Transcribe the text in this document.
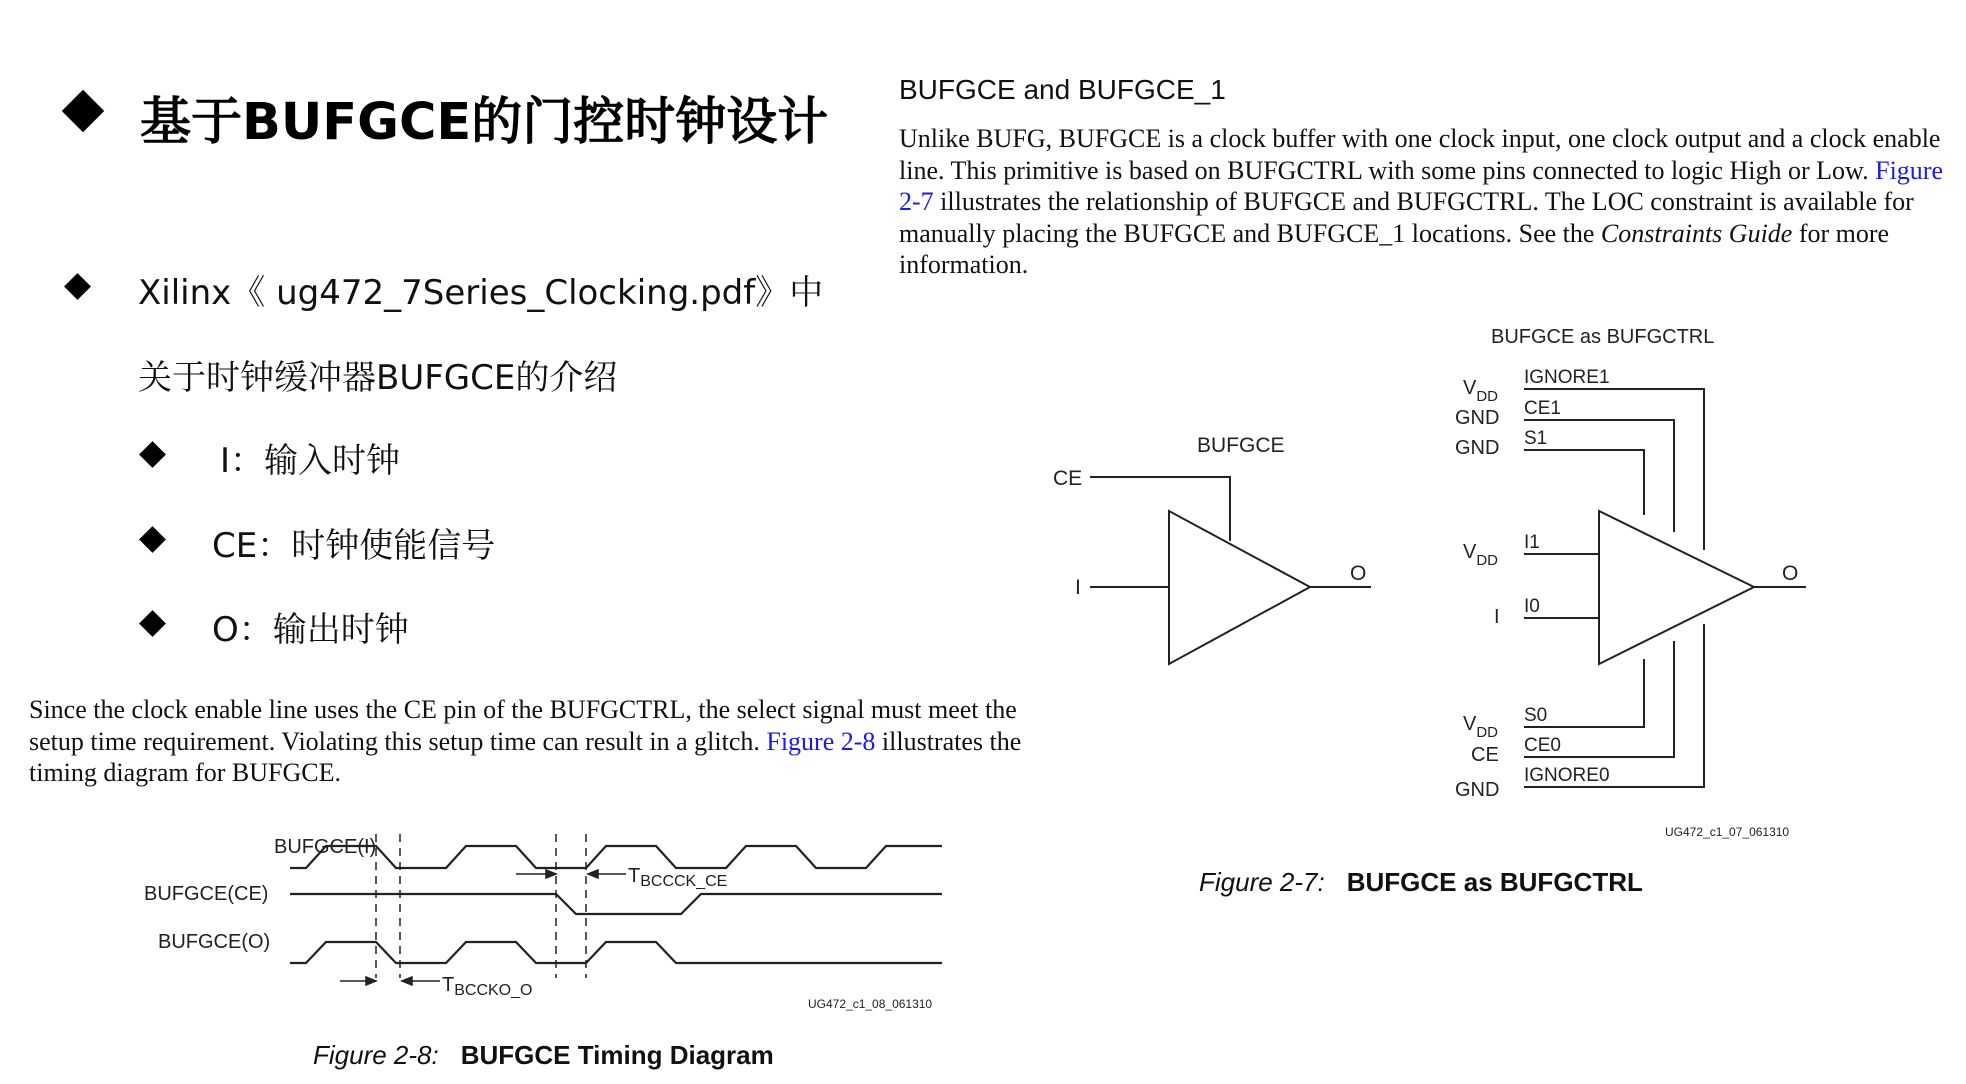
基于BUFGCE的门控时钟设计
Xilinx《 ug472_7Series_Clocking.pdf》中
关于时钟缓冲器BUFGCE的介绍
I：输入时钟
CE：时钟使能信号
O：输出时钟
BUFGCE and BUFGCE_1
Unlike BUFG, BUFGCE is a clock buffer with one clock input, one clock output and a clock enable line. This primitive is based on BUFGCTRL with some pins connected to logic High or Low. Figure 2-7 illustrates the relationship of BUFGCE and BUFGCTRL. The LOC constraint is available for manually placing the BUFGCE and BUFGCE_1 locations. See the Constraints Guide for more information.
Since the clock enable line uses the CE pin of the BUFGCTRL, the select signal must meet the setup time requirement. Violating this setup time can result in a glitch. Figure 2-8 illustrates the timing diagram for BUFGCE.
BUFGCE
CE
I
O
BUFGCE as BUFGCTRL
IGNORE1
CE1
S1
I1
I0
S0
CE0
IGNORE0
$V_{DD}$
GND
GND
$V_{DD}$
I
$V_{DD}$
CE
GND
O
UG472_c1_07_061310
Figure 2-7: BUFGCE as BUFGCTRL
BUFGCE(I)
BUFGCE(CE)
BUFGCE(O)
$T_{BCCCK\_CE}$
$T_{BCCKO\_O}$
UG472_c1_08_061310
Figure 2-8: BUFGCE Timing Diagram
